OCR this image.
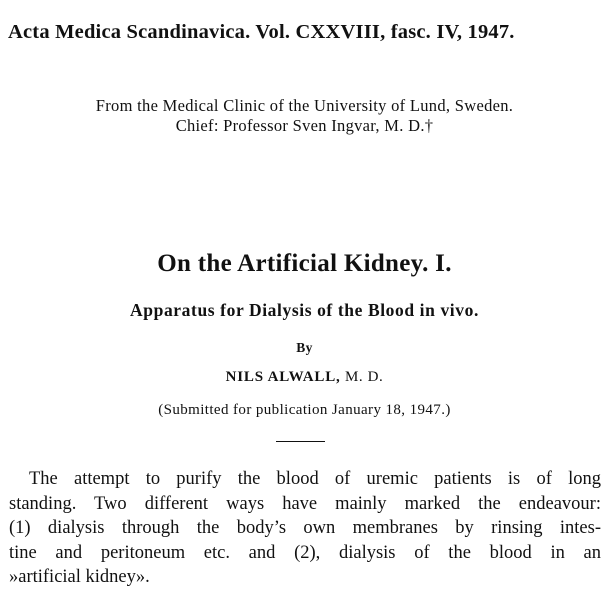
Acta Medica Scandinavica. Vol. CXXVIII, fasc. IV, 1947.
From the Medical Clinic of the University of Lund, Sweden.
Chief: Professor Sven Ingvar, M. D.†
On the Artificial Kidney. I.
Apparatus for Dialysis of the Blood in vivo.
By
NILS ALWALL, M. D.
(Submitted for publication January 18, 1947.)
The attempt to purify the blood of uremic patients is of long
standing. Two different ways have mainly marked the endeavour:
(1) dialysis through the body’s own membranes by rinsing intes-
tine and peritoneum etc. and (2), dialysis of the blood in an
»artificial kidney».
